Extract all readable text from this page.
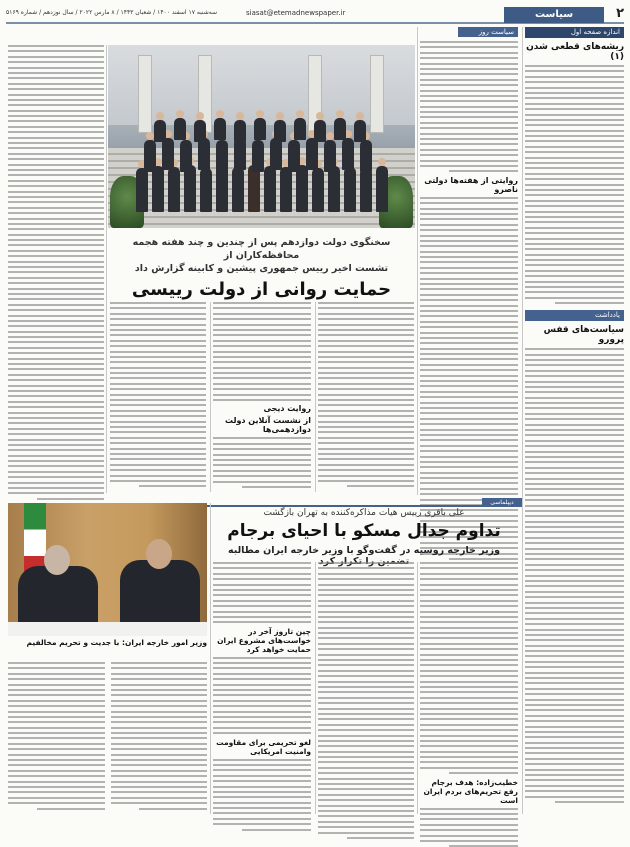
۲
سیاست
siasat@etemadnewspaper.ir
سه‌شنبه ۱۷ اسفند ۱۴۰۰ / شعبان ۱۴۴۳ / ۸ مارس ۲۰۲۲ / سال نوزدهم / شماره ۵۱۶۹
اندازه صفحه اول
ریشه‌های قطعی شدن (۱)
یادداشت
سیاست‌های قفس پرورو
سیاست روز
روایتی از هفته‌ها دولتی ناصرو
سخنگوی دولت دوازدهم پس از چندین و چند هفته هجمه محافظه‌کاران از
تشست اخیر رییس جمهوری پیشین و کابینه گزارش داد
حمایت روانی از دولت رییسی
روایت دیجی
از نشست آنلاین دولت دوازدهمی‌ها
دیپلماسی
علی باقری رییس هیات مذاکره‌کننده به تهران بازگشت
تداوم جدال مسکو با احیای برجام
وزیر خارجه روسیه در گفت‌وگو با وزیر خارجه ایران مطالبه
وزیر امور خارجه ایران: با جدیت و تحریم مخالفیم
خطیب‌زاده: هدف برجام رفع تحریم‌های بردم ایران است
چین تاروز آخر در خواست‌های مشروع ایران حمایت خواهد کرد
لغو تحریمی برای مقاومت وامنیت امریکایی
